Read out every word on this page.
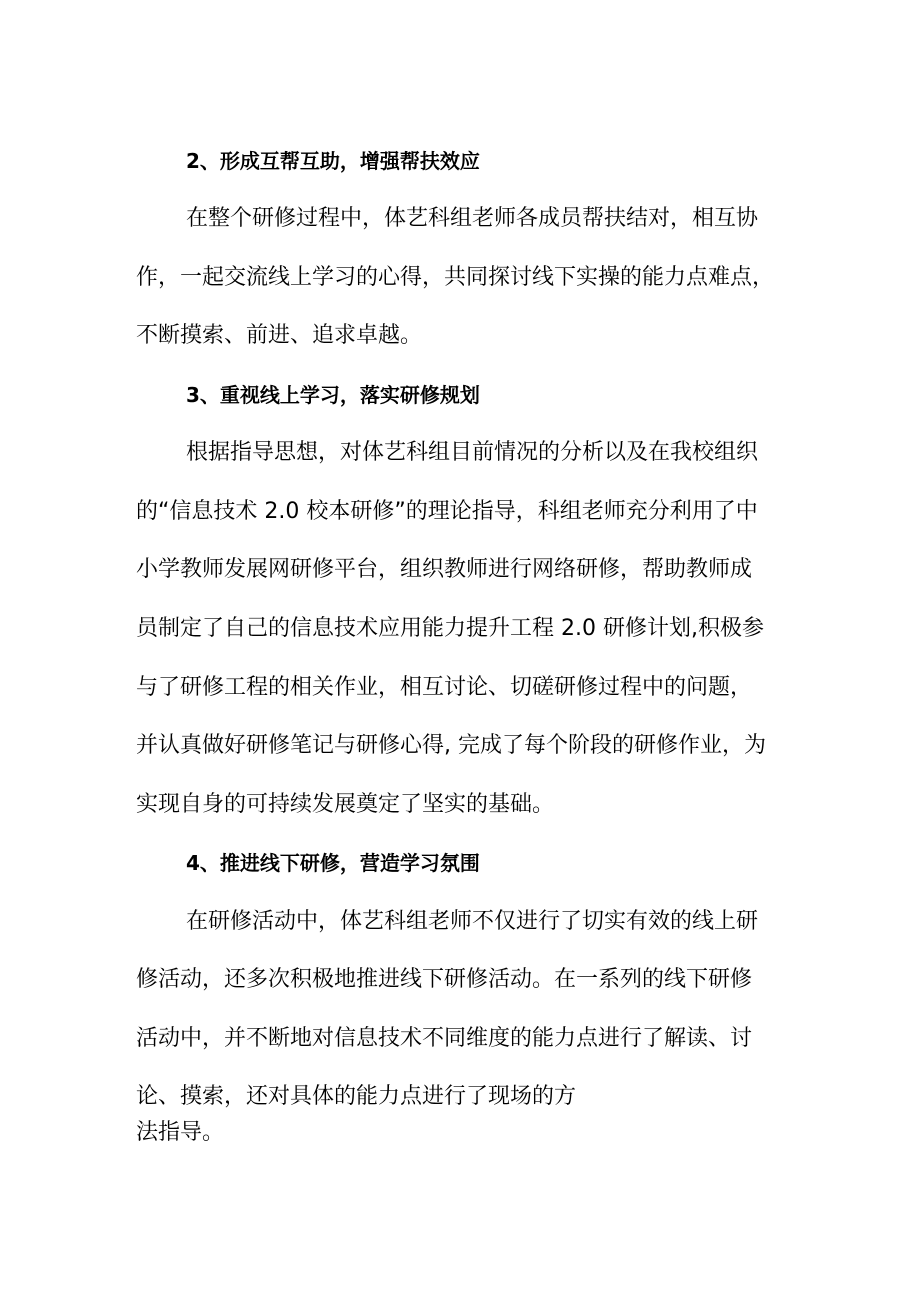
2、形成互帮互助，增强帮扶效应
在整个研修过程中，体艺科组老师各成员帮扶结对，相互协
作，一起交流线上学习的心得，共同探讨线下实操的能力点难点，
不断摸索、前进、追求卓越。
3、重视线上学习，落实研修规划
根据指导思想，对体艺科组目前情况的分析以及在我校组织
的“信息技术 2.0 校本研修”的理论指导，科组老师充分利用了中
小学教师发展网研修平台，组织教师进行网络研修，帮助教师成
员制定了自己的信息技术应用能力提升工程 2.0 研修计划,积极参
与了研修工程的相关作业，相互讨论、切磋研修过程中的问题，
并认真做好研修笔记与研修心得, 完成了每个阶段的研修作业，为
实现自身的可持续发展奠定了坚实的基础。
4、推进线下研修，营造学习氛围
在研修活动中，体艺科组老师不仅进行了切实有效的线上研
修活动，还多次积极地推进线下研修活动。在一系列的线下研修
活动中，并不断地对信息技术不同维度的能力点进行了解读、讨
论、摸索，还对具体的能力点进行了现场的方
法指导。
